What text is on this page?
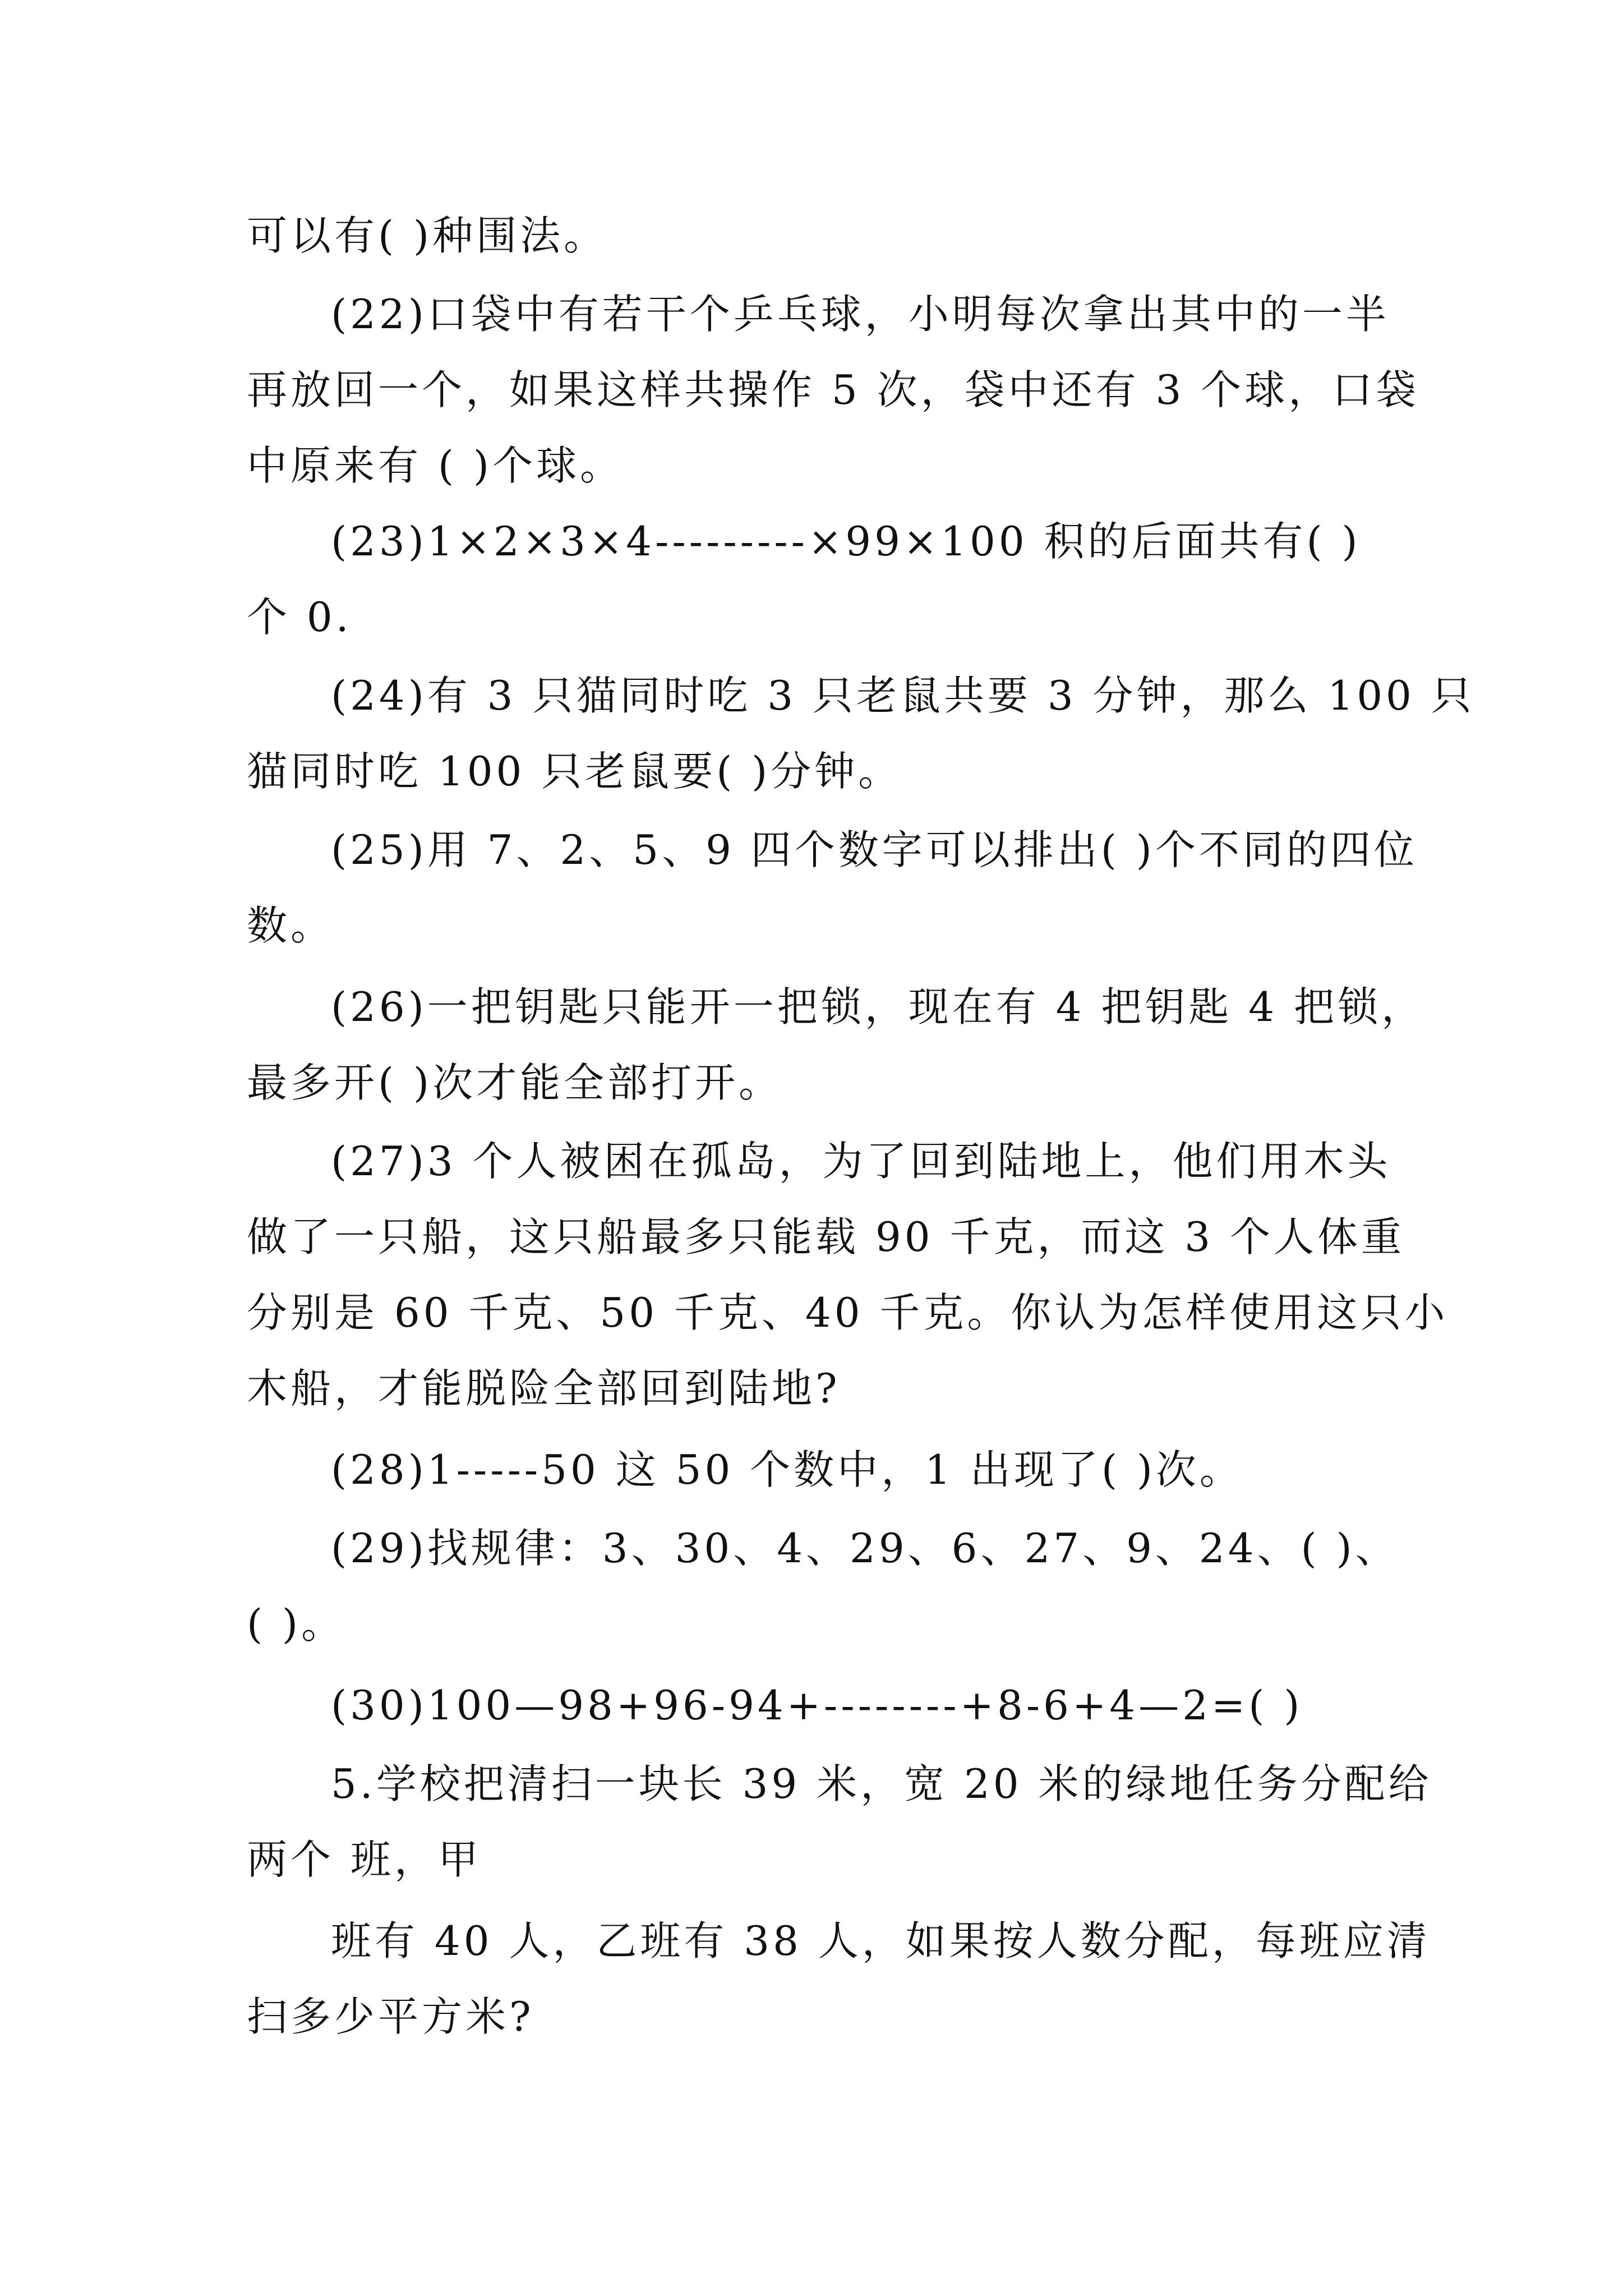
可以有( )种围法。
(22)口袋中有若干个乒乓球，小明每次拿出其中的一半
再放回一个，如果这样共操作 5 次，袋中还有 3 个球，口袋
中原来有 ( )个球。
(23)1×2×3×4---------×99×100 积的后面共有( )
个 0.
(24)有 3 只猫同时吃 3 只老鼠共要 3 分钟，那么 100 只
猫同时吃 100 只老鼠要( )分钟。
(25)用 7、2、5、9 四个数字可以排出( )个不同的四位
数。
(26)一把钥匙只能开一把锁，现在有 4 把钥匙 4 把锁，
最多开( )次才能全部打开。
(27)3 个人被困在孤岛，为了回到陆地上，他们用木头
做了一只船，这只船最多只能载 90 千克，而这 3 个人体重
分别是 60 千克、50 千克、40 千克。你认为怎样使用这只小
木船，才能脱险全部回到陆地?
(28)1-----50 这 50 个数中，1 出现了( )次。
(29)找规律：3、30、4、29、6、27、9、24、( )、
( )。
(30)100—98+96-94+--------+8-6+4—2=( )
5.学校把清扫一块长 39 米，宽 20 米的绿地任务分配给
两个 班，甲
班有 40 人，乙班有 38 人，如果按人数分配，每班应清
扫多少平方米?
